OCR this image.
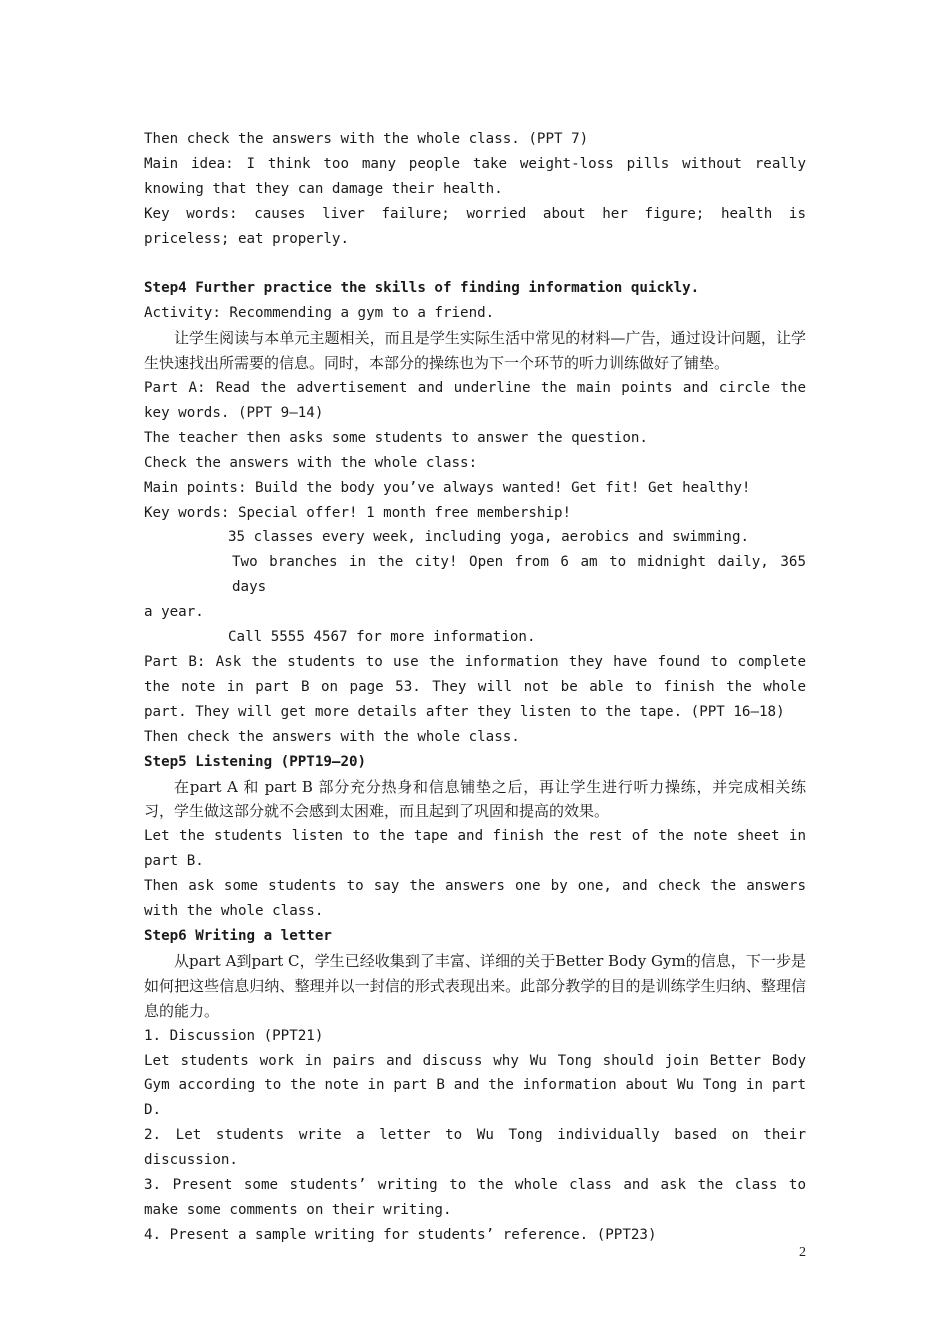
Then check the answers with the whole class. (PPT 7)

Main idea: I think too many people take weight-loss pills without really knowing that they can damage their health.

Key words: causes liver failure; worried about her figure; health is priceless; eat properly.

Step4 Further practice the skills of finding information quickly.

Activity: Recommending a gym to a friend.

让学生阅读与本单元主题相关，而且是学生实际生活中常见的材料—广告，通过设计问题，让学生快速找出所需要的信息。同时，本部分的操练也为下一个环节的听力训练做好了铺垫。

Part A: Read the advertisement and underline the main points and circle the key words. (PPT 9—14)

The teacher then asks some students to answer the question.

Check the answers with the whole class:

Main points: Build the body you’ve always wanted! Get fit! Get healthy!

Key words: Special offer! 1 month free membership!

35 classes every week, including yoga, aerobics and swimming.

Two branches in the city! Open from 6 am to midnight daily, 365 days

a year.

Call 5555 4567 for more information.

Part B: Ask the students to use the information they have found to complete the note in part B on page 53. They will not be able to finish the whole part. They will get more details after they listen to the tape. (PPT 16—18)

Then check the answers with the whole class.

Step5 Listening (PPT19—20)

在part A 和 part B 部分充分热身和信息铺垫之后，再让学生进行听力操练，并完成相关练习，学生做这部分就不会感到太困难，而且起到了巩固和提高的效果。

Let the students listen to the tape and finish the rest of the note sheet in part B.

Then ask some students to say the answers one by one, and check the answers with the whole class.

Step6 Writing a letter

从part A到part C，学生已经收集到了丰富、详细的关于Better Body Gym的信息，下一步是如何把这些信息归纳、整理并以一封信的形式表现出来。此部分教学的目的是训练学生归纳、整理信息的能力。

1. Discussion (PPT21)

Let students work in pairs and discuss why Wu Tong should join Better Body Gym according to the note in part B and the information about Wu Tong in part D.

2. Let students write a letter to Wu Tong individually based on their discussion.

3. Present some students’ writing to the whole class and ask the class to make some comments on their writing.

4. Present a sample writing for students’ reference. (PPT23)

2
